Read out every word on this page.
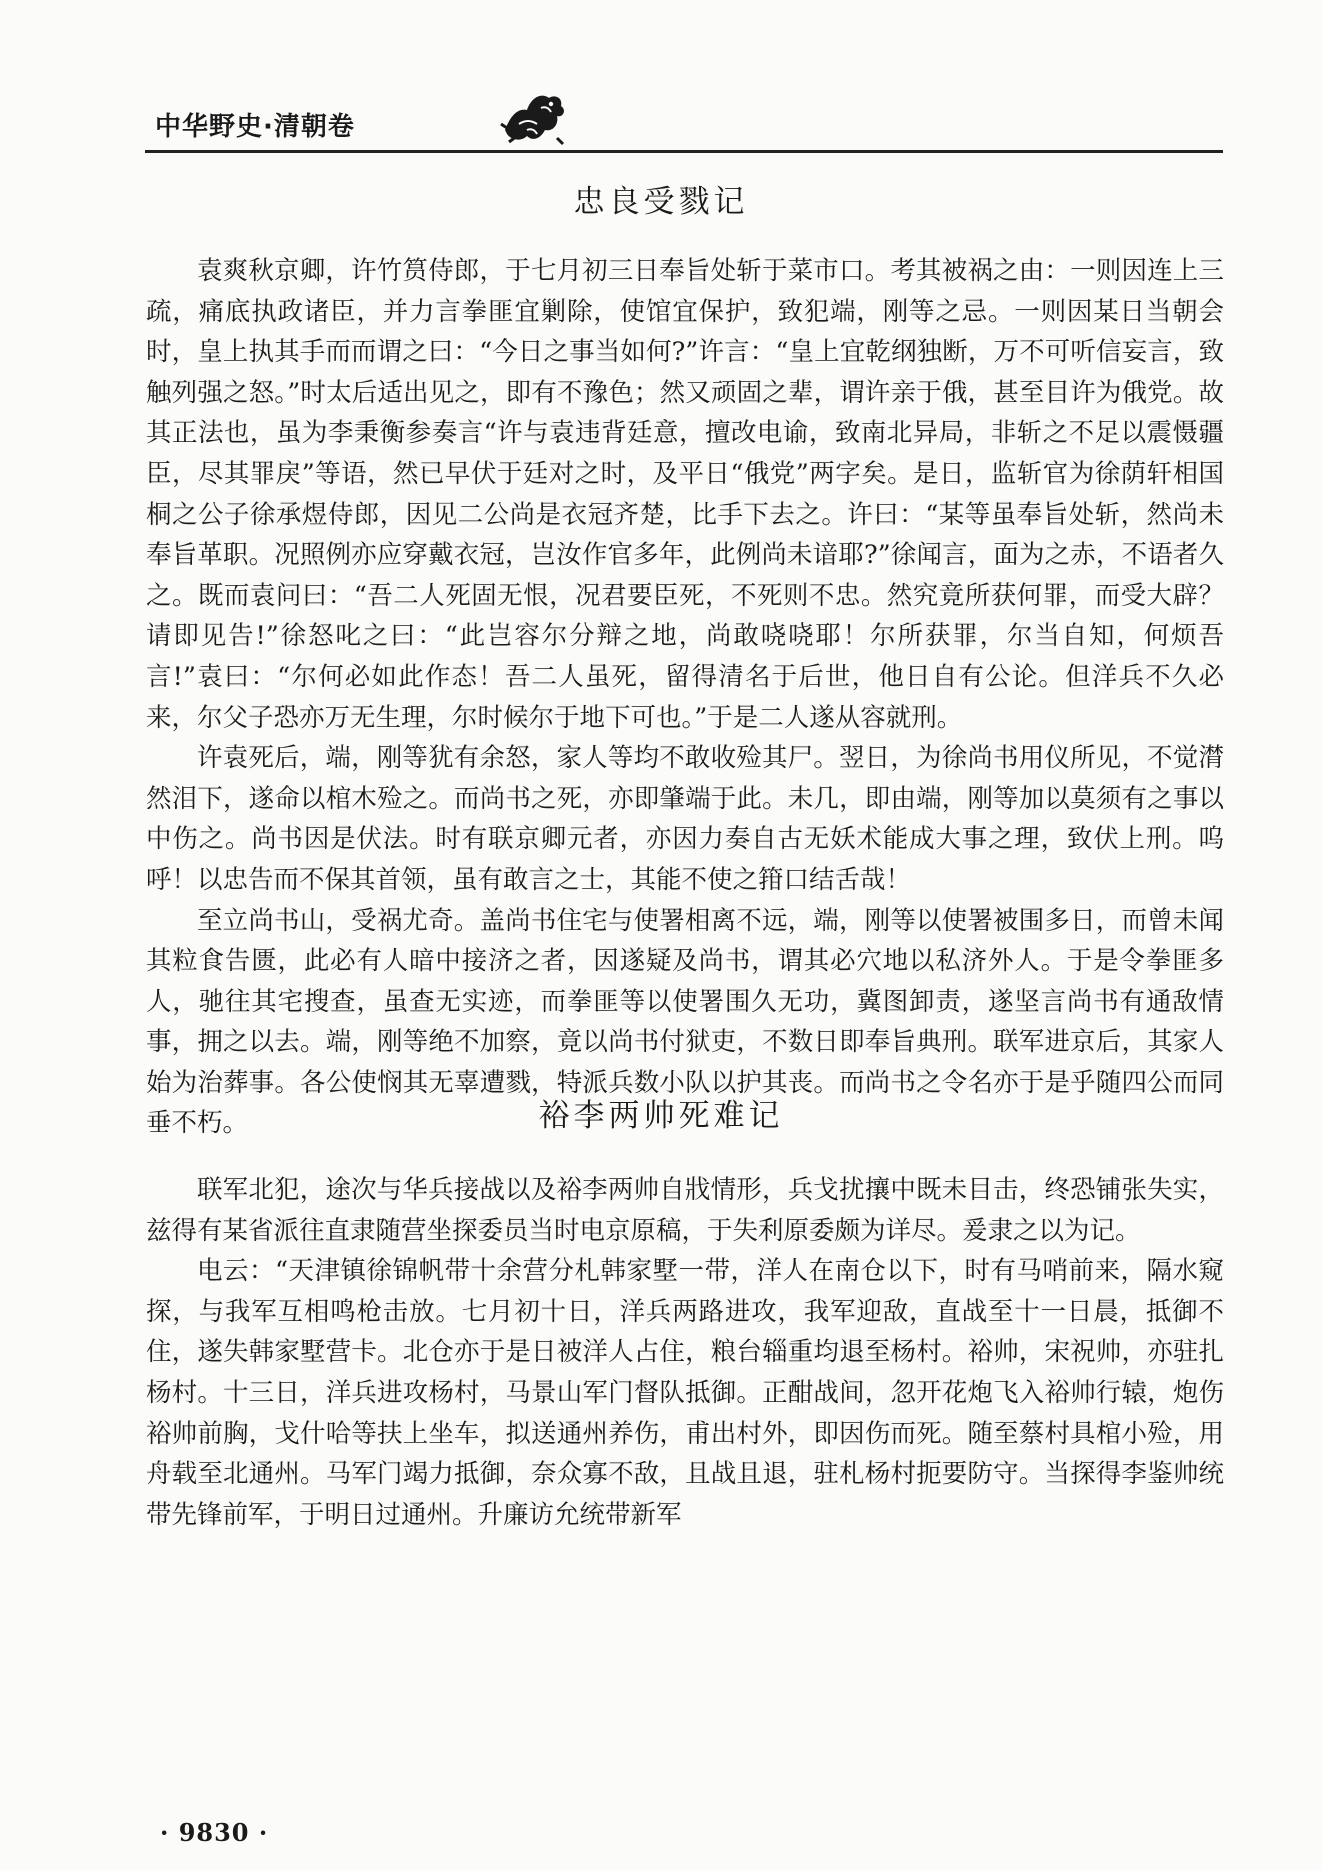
中华野史·清朝卷
忠良受戮记

袁爽秋京卿，许竹筼侍郎，于七月初三日奉旨处斩于菜市口。考其被祸之由：一则因连上三疏，痛底执政诸臣，并力言拳匪宜剿除，使馆宜保护，致犯端，刚等之忌。一则因某日当朝会时，皇上执其手而而谓之曰：“今日之事当如何?”许言：“皇上宜乾纲独断，万不可听信妄言，致触列强之怒。”时太后适出见之，即有不豫色；然又顽固之辈，谓许亲于俄，甚至目许为俄党。故其正法也，虽为李秉衡参奏言“许与袁违背廷意，擅改电谕，致南北异局，非斩之不足以震慑疆臣，尽其罪戾”等语，然已早伏于廷对之时，及平日“俄党”两字矣。是日，监斩官为徐荫轩相国桐之公子徐承煜侍郎，因见二公尚是衣冠齐楚，比手下去之。许曰：“某等虽奉旨处斩，然尚未奉旨革职。况照例亦应穿戴衣冠，岂汝作官多年，此例尚未谙耶?”徐闻言，面为之赤，不语者久之。既而袁问曰：“吾二人死固无恨，况君要臣死，不死则不忠。然究竟所获何罪，而受大辟？请即见告!”徐怒叱之曰：“此岂容尔分辩之地，尚敢哓哓耶！尔所获罪，尔当自知，何烦吾言!”袁曰：“尔何必如此作态！吾二人虽死，留得清名于后世，他日自有公论。但洋兵不久必来，尔父子恐亦万无生理，尔时候尔于地下可也。”于是二人遂从容就刑。

许袁死后，端，刚等犹有余怒，家人等均不敢收殓其尸。翌日，为徐尚书用仪所见，不觉潸然泪下，遂命以棺木殓之。而尚书之死，亦即肇端于此。未几，即由端，刚等加以莫须有之事以中伤之。尚书因是伏法。时有联京卿元者，亦因力奏自古无妖术能成大事之理，致伏上刑。呜呼！以忠告而不保其首领，虽有敢言之士，其能不使之箝口结舌哉！

至立尚书山，受祸尤奇。盖尚书住宅与使署相离不远，端，刚等以使署被围多日，而曾未闻其粒食告匮，此必有人暗中接济之者，因遂疑及尚书，谓其必穴地以私济外人。于是令拳匪多人，驰往其宅搜查，虽查无实迹，而拳匪等以使署围久无功，冀图卸责，遂坚言尚书有通敌情事，拥之以去。端，刚等绝不加察，竟以尚书付狱吏，不数日即奉旨典刑。联军进京后，其家人始为治葬事。各公使悯其无辜遭戮，特派兵数小队以护其丧。而尚书之令名亦于是乎随四公而同垂不朽。	裕李两帅死难记

联军北犯，途次与华兵接战以及裕李两帅自戕情形，兵戈扰攘中既未目击，终恐铺张失实，兹得有某省派往直隶随营坐探委员当时电京原稿，于失利原委颇为详尽。爰隶之以为记。

电云：“天津镇徐锦帆带十余营分札韩家墅一带，洋人在南仓以下，时有马哨前来，隔水窥探，与我军互相鸣枪击放。七月初十日，洋兵两路进攻，我军迎敌，直战至十一日晨，抵御不住，遂失韩家墅营卡。北仓亦于是日被洋人占住，粮台辎重均退至杨村。裕帅，宋祝帅，亦驻扎杨村。十三日，洋兵进攻杨村，马景山军门督队抵御。正酣战间，忽开花炮飞入裕帅行辕，炮伤裕帅前胸，戈什哈等扶上坐车，拟送通州养伤，甫出村外，即因伤而死。随至蔡村具棺小殓，用舟载至北通州。马军门竭力抵御，奈众寡不敌，且战且退，驻札杨村扼要防守。当探得李鉴帅统带先锋前军，于明日过通州。升廉访允统带新军

· 9830 ·
